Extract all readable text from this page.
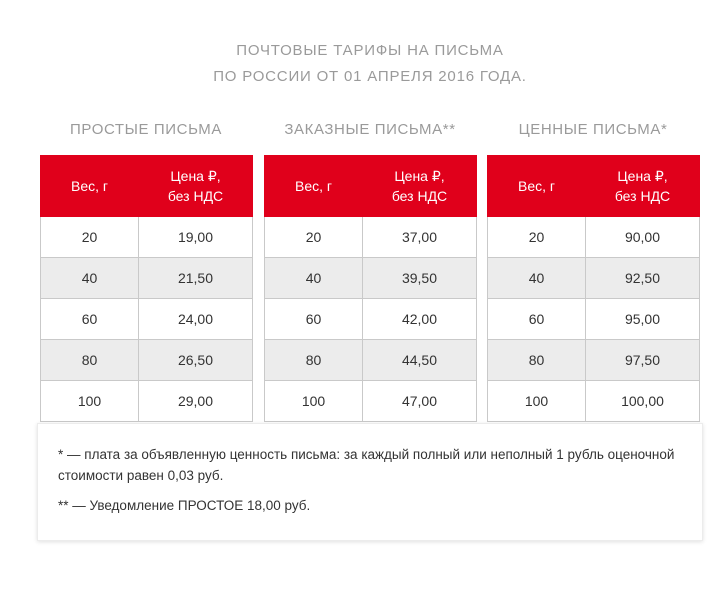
ПОЧТОВЫЕ ТАРИФЫ НА ПИСЬМА
ПО РОССИИ ОТ 01 АПРЕЛЯ 2016 ГОДА.
ПРОСТЫЕ ПИСЬМА
Вес, г	Цена ₽,
без НДС
20	19,00
40	21,50
60	24,00
80	26,50
100	29,00
ЗАКАЗНЫЕ ПИСЬМА**
Вес, г	Цена ₽,
без НДС
20	37,00
40	39,50
60	42,00
80	44,50
100	47,00
ЦЕННЫЕ ПИСЬМА*
Вес, г	Цена ₽,
без НДС
20	90,00
40	92,50
60	95,00
80	97,50
100	100,00

* — плата за объявленную ценность письма: за каждый полный или неполный 1 рубль оценочной стоимости равен 0,03 руб.

** — Уведомление ПРОСТОЕ 18,00 руб.
